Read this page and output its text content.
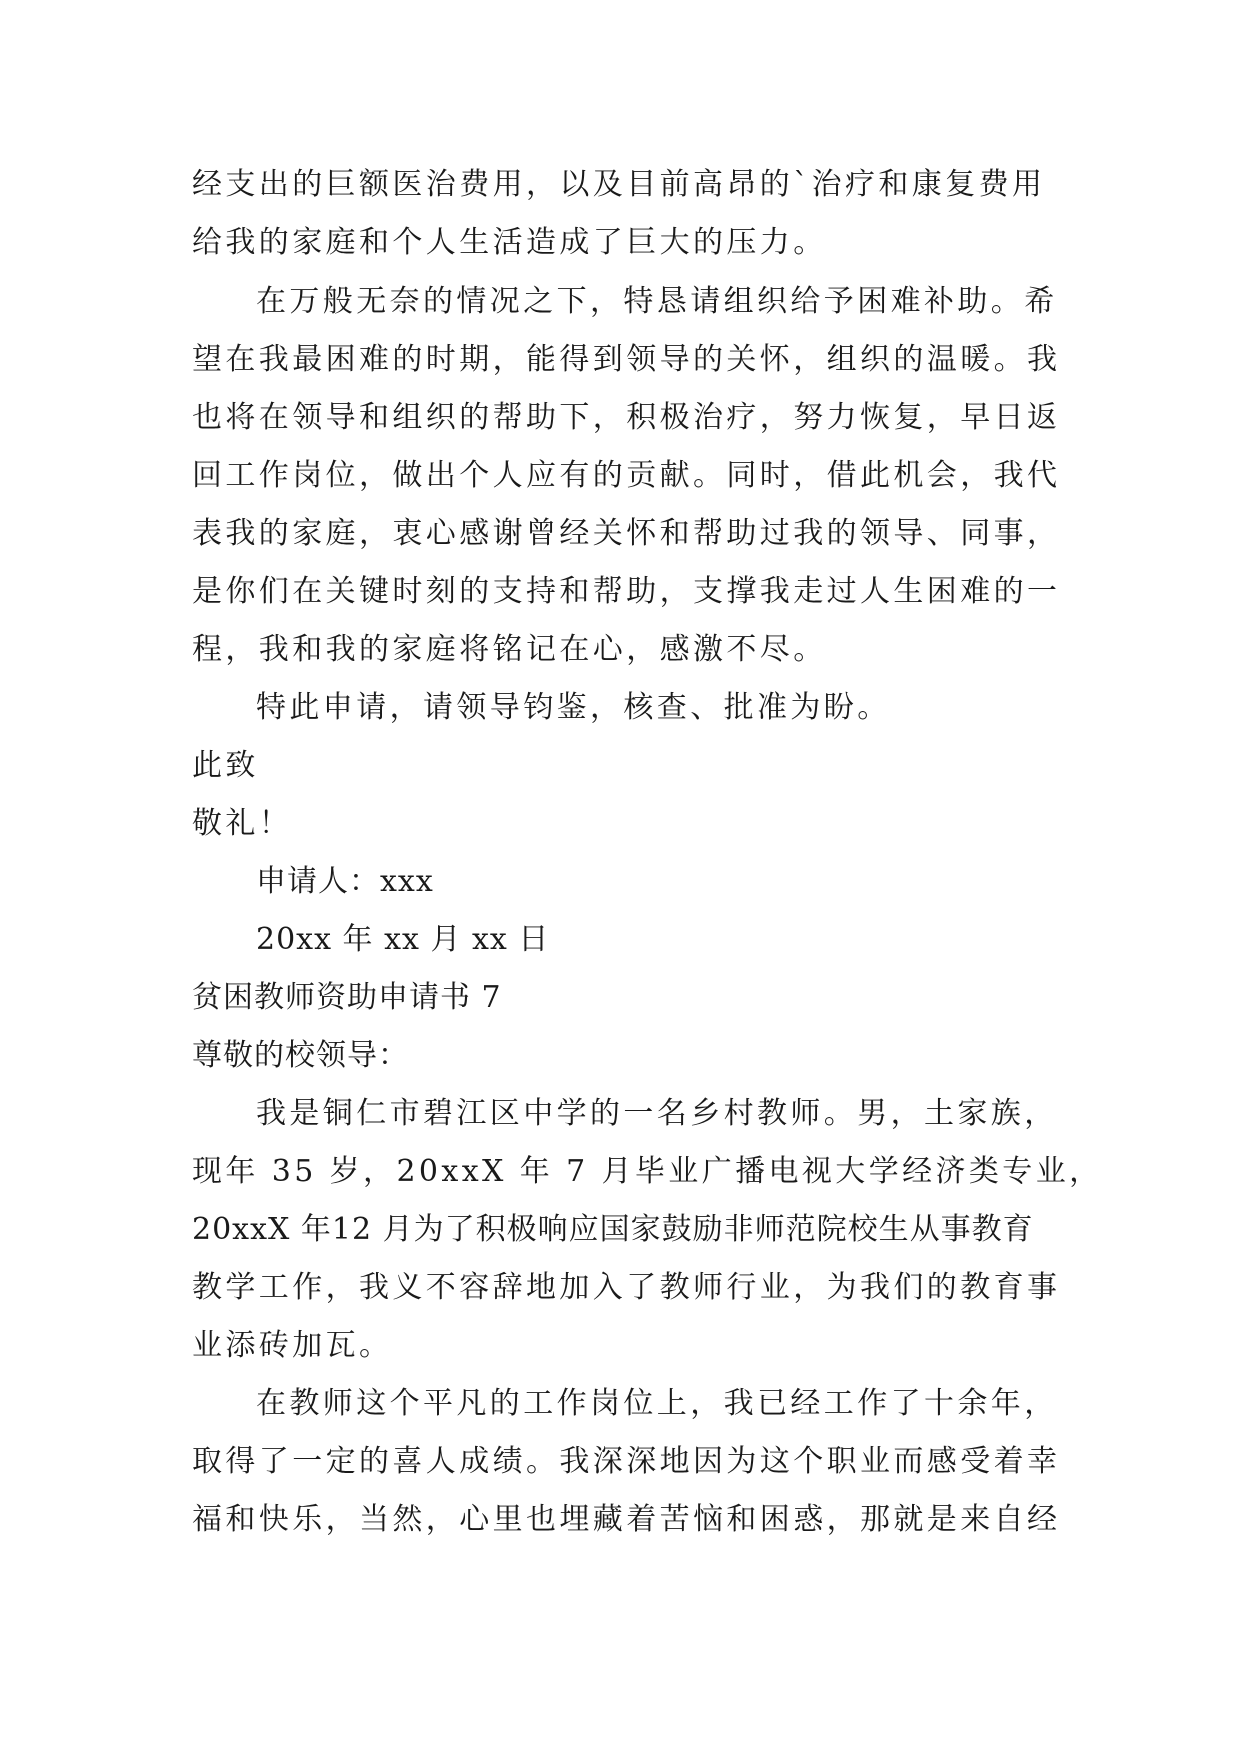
经支出的巨额医治费用，以及目前高昂的`治疗和康复费用
给我的家庭和个人生活造成了巨大的压力。
在万般无奈的情况之下，特恳请组织给予困难补助。希
望在我最困难的时期，能得到领导的关怀，组织的温暖。我
也将在领导和组织的帮助下，积极治疗，努力恢复，早日返
回工作岗位，做出个人应有的贡献。同时，借此机会，我代
表我的家庭，衷心感谢曾经关怀和帮助过我的领导、同事，
是你们在关键时刻的支持和帮助，支撑我走过人生困难的一
程，我和我的家庭将铭记在心，感激不尽。
特此申请，请领导钧鉴，核查、批准为盼。
此致
敬礼！
申请人：xxx
20xx 年 xx 月 xx 日
贫困教师资助申请书 7
尊敬的校领导：
我是铜仁市碧江区中学的一名乡村教师。男，土家族，
现年 35 岁，20xxX 年 7 月毕业广播电视大学经济类专业，
20xxX 年12 月为了积极响应国家鼓励非师范院校生从事教育
教学工作，我义不容辞地加入了教师行业，为我们的教育事
业添砖加瓦。
在教师这个平凡的工作岗位上，我已经工作了十余年，
取得了一定的喜人成绩。我深深地因为这个职业而感受着幸
福和快乐，当然，心里也埋藏着苦恼和困惑，那就是来自经
